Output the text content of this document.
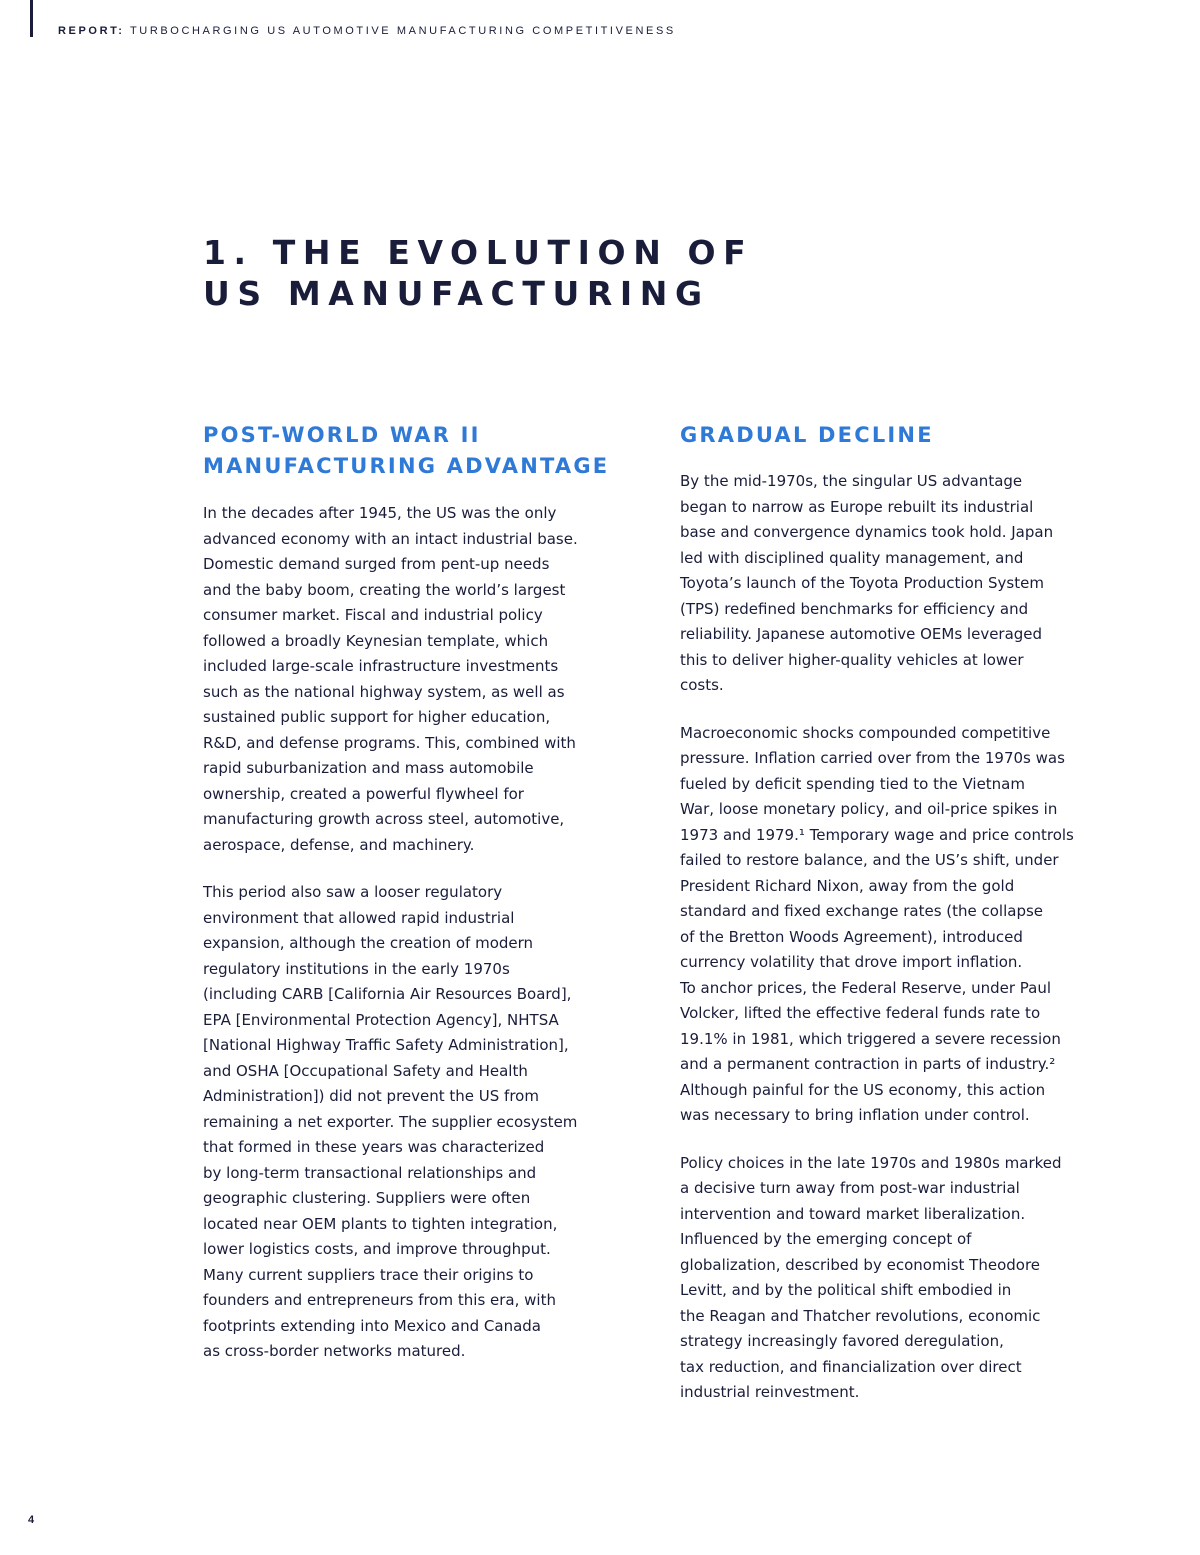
REPORT: TURBOCHARGING US AUTOMOTIVE MANUFACTURING COMPETITIVENESS
1. THE EVOLUTION OF
US MANUFACTURING
POST-WORLD WAR II
MANUFACTURING ADVANTAGE

In the decades after 1945, the US was the only
advanced economy with an intact industrial base.
Domestic demand surged from pent-up needs
and the baby boom, creating the world’s largest
consumer market. Fiscal and industrial policy
followed a broadly Keynesian template, which
included large-scale infrastructure investments
such as the national highway system, as well as
sustained public support for higher education,
R&D, and defense programs. This, combined with
rapid suburbanization and mass automobile
ownership, created a powerful flywheel for
manufacturing growth across steel, automotive,
aerospace, defense, and machinery.

This period also saw a looser regulatory
environment that allowed rapid industrial
expansion, although the creation of modern
regulatory institutions in the early 1970s
(including CARB [California Air Resources Board],
EPA [Environmental Protection Agency], NHTSA
[National Highway Traffic Safety Administration],
and OSHA [Occupational Safety and Health
Administration]) did not prevent the US from
remaining a net exporter. The supplier ecosystem
that formed in these years was characterized
by long-term transactional relationships and
geographic clustering. Suppliers were often
located near OEM plants to tighten integration,
lower logistics costs, and improve throughput.
Many current suppliers trace their origins to
founders and entrepreneurs from this era, with
footprints extending into Mexico and Canada
as cross-border networks matured.

GRADUAL DECLINE

By the mid-1970s, the singular US advantage
began to narrow as Europe rebuilt its industrial
base and convergence dynamics took hold. Japan
led with disciplined quality management, and
Toyota’s launch of the Toyota Production System
(TPS) redefined benchmarks for efficiency and
reliability. Japanese automotive OEMs leveraged
this to deliver higher-quality vehicles at lower
costs.

Macroeconomic shocks compounded competitive
pressure. Inflation carried over from the 1970s was
fueled by deficit spending tied to the Vietnam
War, loose monetary policy, and oil-price spikes in
1973 and 1979.¹ Temporary wage and price controls
failed to restore balance, and the US’s shift, under
President Richard Nixon, away from the gold
standard and fixed exchange rates (the collapse
of the Bretton Woods Agreement), introduced
currency volatility that drove import inflation.
To anchor prices, the Federal Reserve, under Paul
Volcker, lifted the effective federal funds rate to
19.1% in 1981, which triggered a severe recession
and a permanent contraction in parts of industry.²
Although painful for the US economy, this action
was necessary to bring inflation under control.

Policy choices in the late 1970s and 1980s marked
a decisive turn away from post-war industrial
intervention and toward market liberalization.
Influenced by the emerging concept of
globalization, described by economist Theodore
Levitt, and by the political shift embodied in
the Reagan and Thatcher revolutions, economic
strategy increasingly favored deregulation,
tax reduction, and financialization over direct
industrial reinvestment.

4
